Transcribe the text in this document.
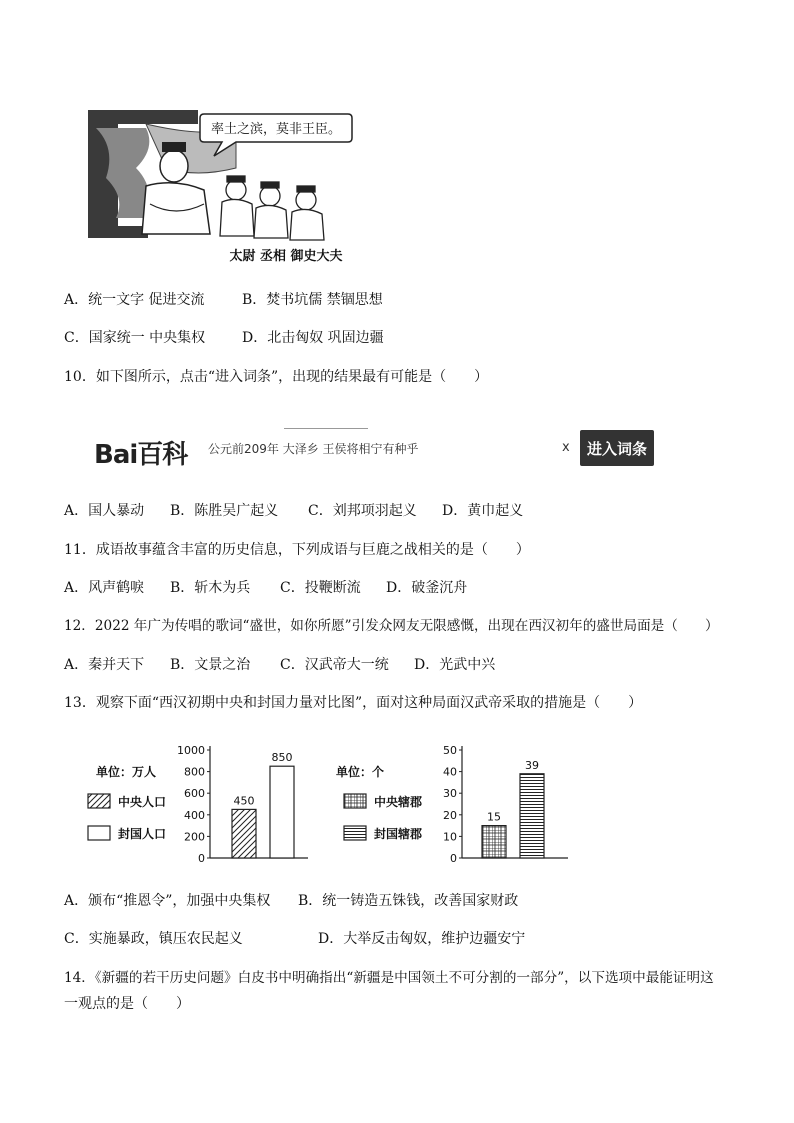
率土之滨，莫非王臣。
太尉 丞相 御史大夫
A．统一文字 促进交流	B．焚书坑儒 禁锢思想
C．国家统一 中央集权	D．北击匈奴 巩固边疆
10．如下图所示，点击“进入词条”，出现的结果最有可能是（　　）
Bai百科 公元前209年 大泽乡 王侯将相宁有种乎	x	进入词条
A．国人暴动 B．陈胜吴广起义 C．刘邦项羽起义 D．黄巾起义
11．成语故事蕴含丰富的历史信息，下列成语与巨鹿之战相关的是（　　）
A．风声鹤唳 B．斩木为兵 C．投鞭断流 D．破釜沉舟
12．2022 年广为传唱的歌词“盛世，如你所愿”引发众网友无限感慨，出现在西汉初年的盛世局面是（　　）
A．秦并天下 B．文景之治 C．汉武帝大一统 D．光武中兴
13．观察下面“西汉初期中央和封国力量对比图”，面对这种局面汉武帝采取的措施是（　　）
0
200
400
600
800
1000
450
850
单位：万人
中央人口
封国人口
0
10
20
30
40
50
15
39
单位：个
中央辖郡
封国辖郡
A．颁布“推恩令”，加强中央集权 B．统一铸造五铢钱，改善国家财政
C．实施暴政，镇压农民起义	D．大举反击匈奴，维护边疆安宁
14．《新疆的若干历史问题》白皮书中明确指出“新疆是中国领土不可分割的一部分”，以下选项中最能证明这
一观点的是（　　）
